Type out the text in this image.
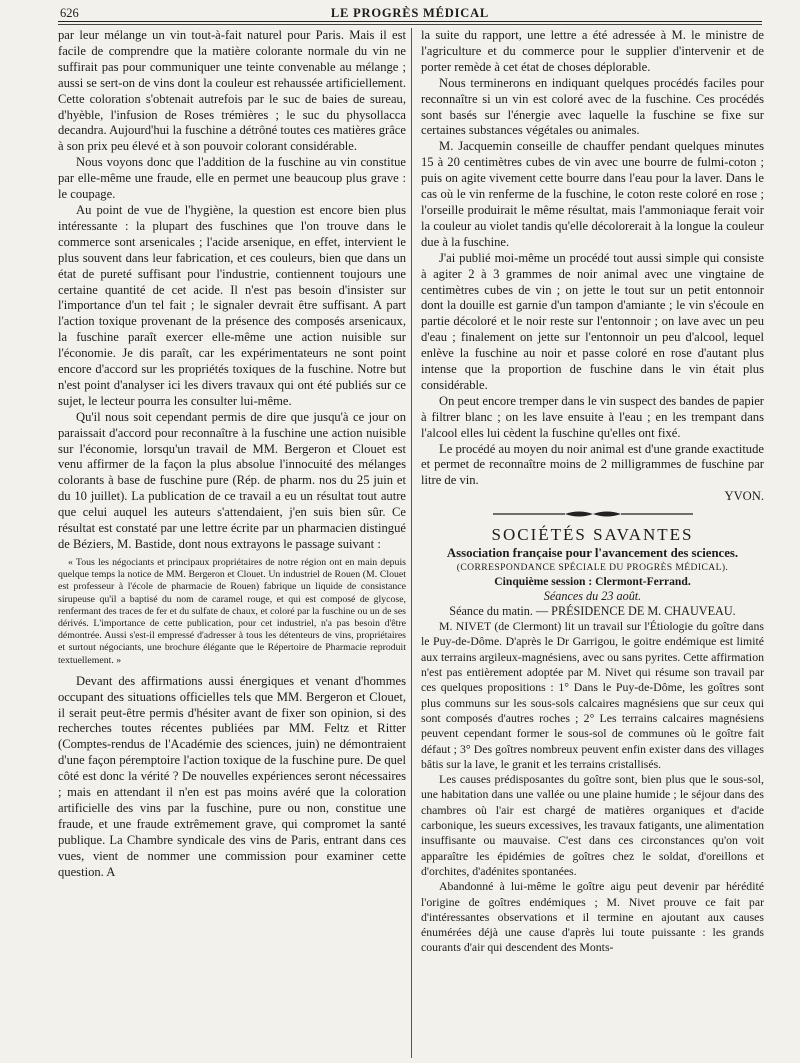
626	LE PROGRÈS MÉDICAL

par leur mélange un vin tout-à-fait naturel pour Paris. Mais il est facile de comprendre que la matière colorante normale du vin ne suffirait pas pour communiquer une teinte convenable au mélange ; aussi se sert-on de vins dont la couleur est rehaussée artificiellement. Cette coloration s'obtenait autrefois par le suc de baies de sureau, d'hyèble, l'infusion de Roses trémières ; le suc du physollacca decandra. Aujourd'hui la fuschine a détrôné toutes ces matières grâce à son prix peu élevé et à son pouvoir colorant considérable.

Nous voyons donc que l'addition de la fuschine au vin constitue par elle-même une fraude, elle en permet une beaucoup plus grave : le coupage.

Au point de vue de l'hygiène, la question est encore bien plus intéressante : la plupart des fuschines que l'on trouve dans le commerce sont arsenicales ; l'acide arsenique, en effet, intervient le plus souvent dans leur fabrication, et ces couleurs, bien que dans un état de pureté suffisant pour l'industrie, contiennent toujours une certaine quantité de cet acide. Il n'est pas besoin d'insister sur l'importance d'un tel fait ; le signaler devrait être suffisant. A part l'action toxique provenant de la présence des composés arsenicaux, la fuschine paraît exercer elle-même une action nuisible sur l'économie. Je dis paraît, car les expérimentateurs ne sont point encore d'accord sur les propriétés toxiques de la fuschine. Notre but n'est point d'analyser ici les divers travaux qui ont été publiés sur ce sujet, le lecteur pourra les consulter lui-même.

Qu'il nous soit cependant permis de dire que jusqu'à ce jour on paraissait d'accord pour reconnaître à la fuschine une action nuisible sur l'économie, lorsqu'un travail de MM. Bergeron et Clouet est venu affirmer de la façon la plus absolue l'innocuité des mélanges colorants à base de fuschine pure (Rép. de pharm. nos du 25 juin et du 10 juillet). La publication de ce travail a eu un résultat tout autre que celui auquel les auteurs s'attendaient, j'en suis bien sûr. Ce résultat est constaté par une lettre écrite par un pharmacien distingué de Béziers, M. Bastide, dont nous extrayons le passage suivant :

« Tous les négociants et principaux propriétaires de notre région ont en main depuis quelque temps la notice de MM. Bergeron et Clouet. Un industriel de Rouen (M. Clouet est professeur à l'école de pharmacie de Rouen) fabrique un liquide de consistance sirupeuse qu'il a baptisé du nom de caramel rouge, et qui est composé de glycose, renfermant des traces de fer et du sulfate de chaux, et coloré par la fuschine ou un de ses dérivés. L'importance de cette publication, pour cet industriel, n'a pas besoin d'être démontrée. Aussi s'est-il empressé d'adresser à tous les détenteurs de vins, propriétaires et surtout négociants, une brochure élégante que le Répertoire de Pharmacie reproduit textuellement. »

Devant des affirmations aussi énergiques et venant d'hommes occupant des situations officielles tels que MM. Bergeron et Clouet, il serait peut-être permis d'hésiter avant de fixer son opinion, si des recherches toutes récentes publiées par MM. Feltz et Ritter (Comptes-rendus de l'Académie des sciences, juin) ne démontraient d'une façon péremptoire l'action toxique de la fuschine pure. De quel côté est donc la vérité ? De nouvelles expériences seront nécessaires ; mais en attendant il n'en est pas moins avéré que la coloration artificielle des vins par la fuschine, pure ou non, constitue une fraude, et une fraude extrêmement grave, qui compromet la santé publique. La Chambre syndicale des vins de Paris, entrant dans ces vues, vient de nommer une commission pour examiner cette question. A

la suite du rapport, une lettre a été adressée à M. le ministre de l'agriculture et du commerce pour le supplier d'intervenir et de porter remède à cet état de choses déplorable.

Nous terminerons en indiquant quelques procédés faciles pour reconnaître si un vin est coloré avec de la fuschine. Ces procédés sont basés sur l'énergie avec laquelle la fuschine se fixe sur certaines substances végétales ou animales.

M. Jacquemin conseille de chauffer pendant quelques minutes 15 à 20 centimètres cubes de vin avec une bourre de fulmi-coton ; puis on agite vivement cette bourre dans l'eau pour la laver. Dans le cas où le vin renferme de la fuschine, le coton reste coloré en rose ; l'orseille produirait le même résultat, mais l'ammoniaque ferait voir la couleur au violet tandis qu'elle décolorerait à la longue la couleur due à la fuschine.

J'ai publié moi-même un procédé tout aussi simple qui consiste à agiter 2 à 3 grammes de noir animal avec une vingtaine de centimètres cubes de vin ; on jette le tout sur un petit entonnoir dont la douille est garnie d'un tampon d'amiante ; le vin s'écoule en partie décoloré et le noir reste sur l'entonnoir ; on lave avec un peu d'eau ; finalement on jette sur l'entonnoir un peu d'alcool, lequel enlève la fuschine au noir et passe coloré en rose d'autant plus intense que la proportion de fuschine dans le vin était plus considérable.

On peut encore tremper dans le vin suspect des bandes de papier à filtrer blanc ; on les lave ensuite à l'eau ; en les trempant dans l'alcool elles lui cèdent la fuschine qu'elles ont fixé.

Le procédé au moyen du noir animal est d'une grande exactitude et permet de reconnaître moins de 2 milligrammes de fuschine par litre de vin.

YVON.

SOCIÉTÉS SAVANTES

Association française pour l'avancement des sciences.

(CORRESPONDANCE SPÉCIALE DU PROGRÈS MÉDICAL).

Cinquième session : Clermont-Ferrand.

Séances du 23 août.

Séance du matin. — PRÉSIDENCE DE M. CHAUVEAU.

M. NIVET (de Clermont) lit un travail sur l'Étiologie du goître dans le Puy-de-Dôme. D'après le Dr Garrigou, le goitre endémique est limité aux terrains argileux-magnésiens, avec ou sans pyrites. Cette affirmation n'est pas entièrement adoptée par M. Nivet qui résume son travail par ces quelques propositions : 1° Dans le Puy-de-Dôme, les goîtres sont plus communs sur les sous-sols calcaires magnésiens que sur ceux qui sont composés d'autres roches ; 2° Les terrains calcaires magnésiens peuvent cependant former le sous-sol de communes où le goître fait défaut ; 3° Des goîtres nombreux peuvent enfin exister dans des villages bâtis sur la lave, le granit et les terrains cristallisés.

Les causes prédisposantes du goître sont, bien plus que le sous-sol, une habitation dans une vallée ou une plaine humide ; le séjour dans des chambres où l'air est chargé de matières organiques et d'acide carbonique, les sueurs excessives, les travaux fatigants, une alimentation insuffisante ou mauvaise. C'est dans ces circonstances qu'on voit apparaître les épidémies de goîtres chez le soldat, d'oreillons et d'orchites, d'adénites spontanées.

Abandonné à lui-même le goître aigu peut devenir par hérédité l'origine de goîtres endémiques ; M. Nivet prouve ce fait par d'intéressantes observations et il termine en ajoutant aux causes énumérées déjà une cause d'après lui toute puissante : les grands courants d'air qui descendent des Monts-
